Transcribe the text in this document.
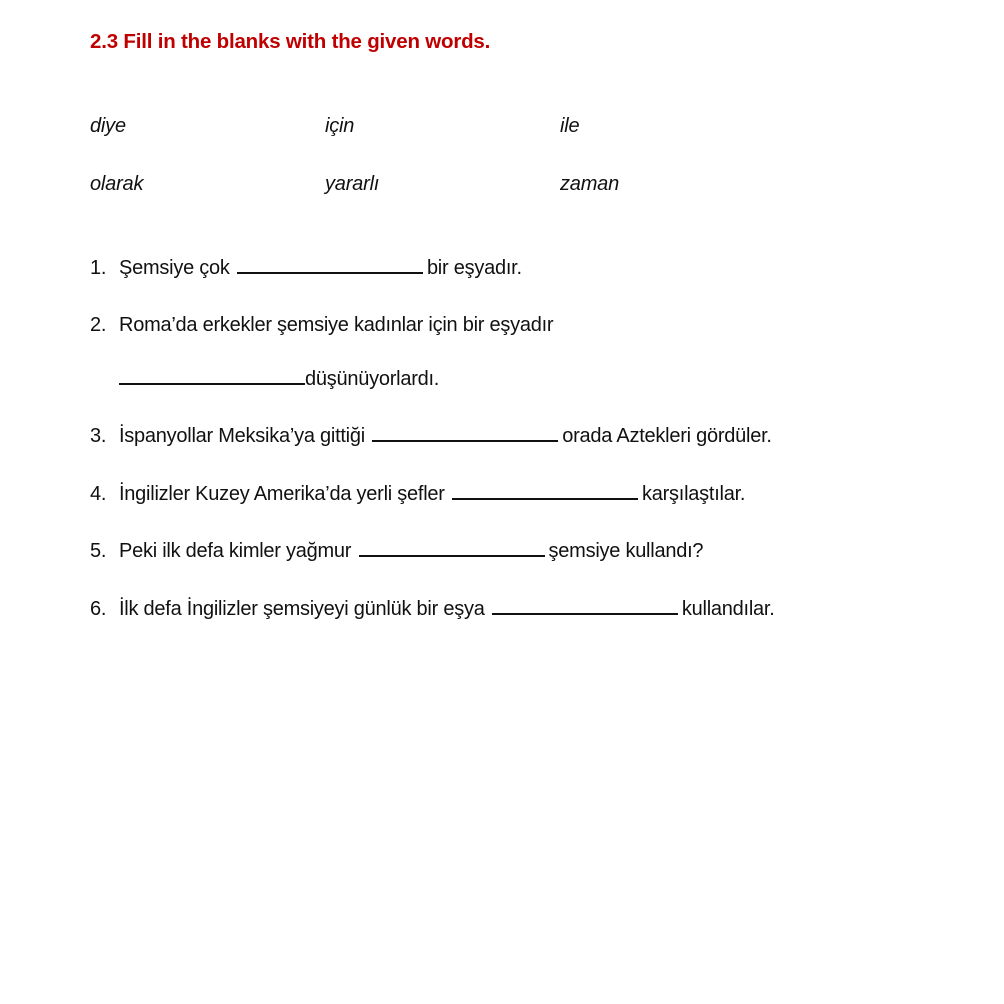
2.3 Fill in the blanks with the given words.
diye	için	ile
olarak	yararlı	zaman
1. Şemsiye çok	bir eşyadır.
2. Roma’da erkekler şemsiye kadınlar için bir eşyadır
düşünüyorlardı.
3. İspanyollar Meksika’ya gittiği	orada Aztekleri gördüler.
4. İngilizler Kuzey Amerika’da yerli şefler	karşılaştılar.
5. Peki ilk defa kimler yağmur	şemsiye kullandı?
6. İlk defa İngilizler şemsiyeyi günlük bir eşya	kullandılar.
